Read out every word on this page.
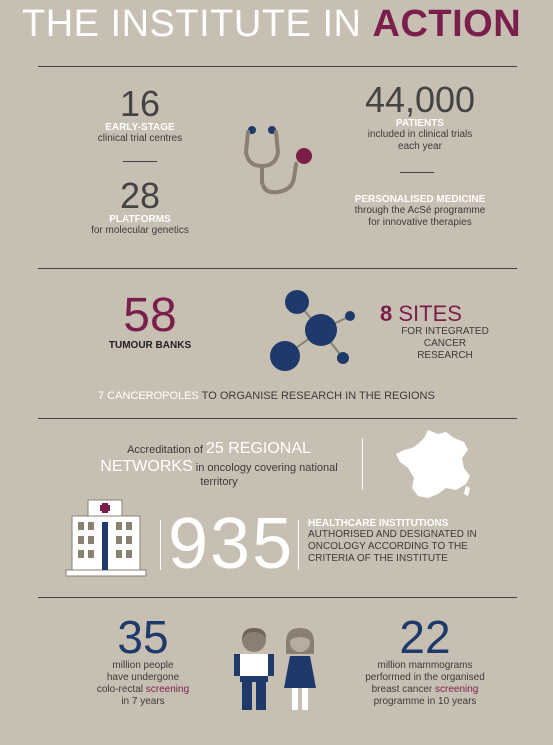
THE INSTITUTE IN ACTION
16
EARLY-STAGE
clinical trial centres
28
PLATFORMS
for molecular genetics
44,000
PATIENTS
included in clinical trials
each year
PERSONALISED MEDICINE
through the AcSé programme
for innovative therapies
58
TUMOUR BANKS
8 SITES
FOR INTEGRATED
CANCER
RESEARCH
7 CANCEROPOLES TO ORGANISE RESEARCH IN THE REGIONS
Accreditation of 25 REGIONAL
NETWORKS in oncology covering national
territory
935 HEALTHCARE INSTITUTIONS
AUTHORISED AND DESIGNATED IN
ONCOLOGY ACCORDING TO THE
CRITERIA OF THE INSTITUTE
35
million people
have undergone
colo-rectal screening
in 7 years
22
million mammograms
performed in the organised
breast cancer screening
programme in 10 years
